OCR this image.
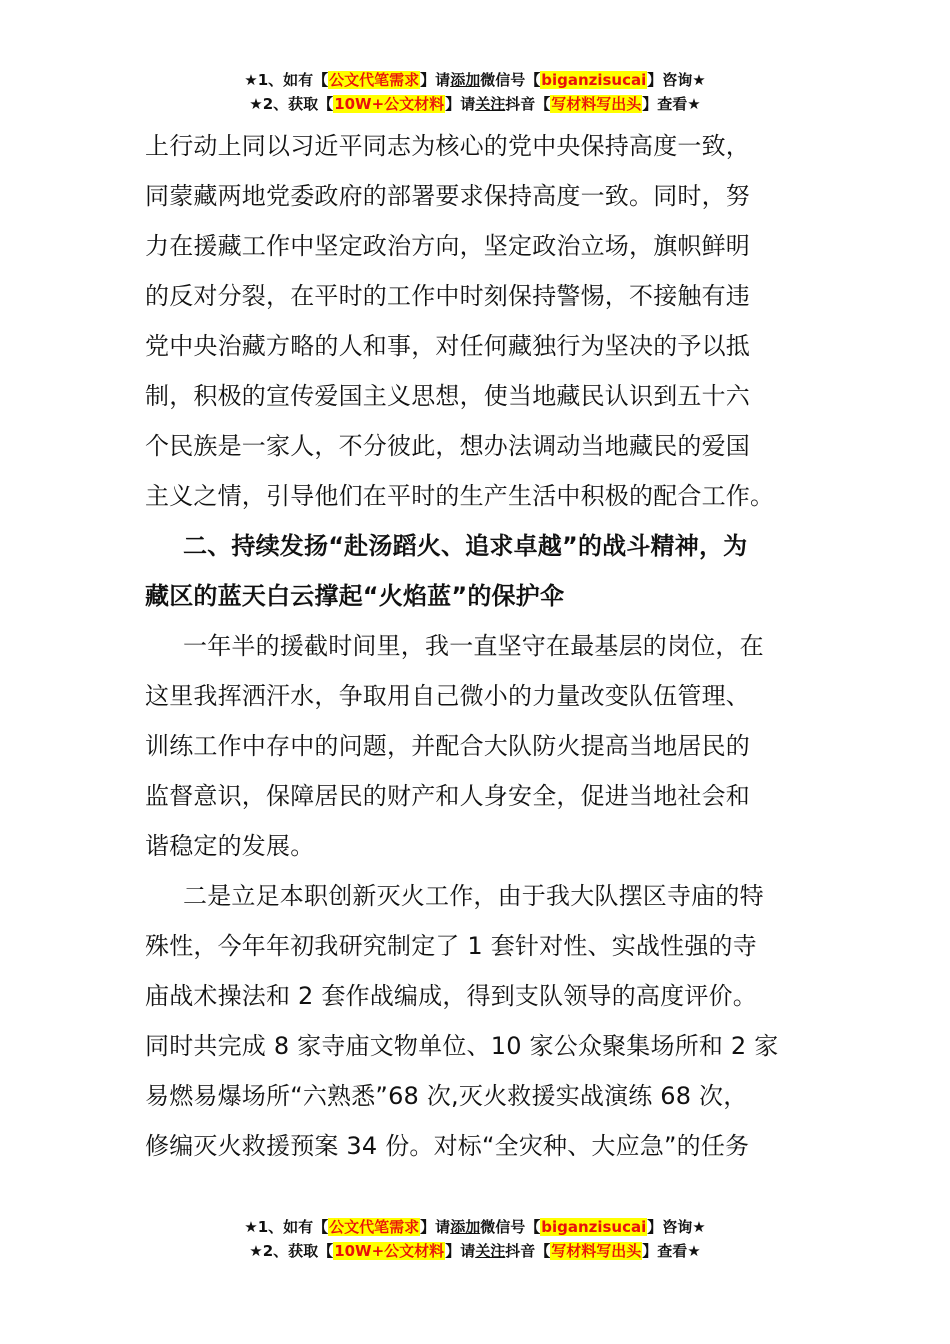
★1、如有【公文代笔需求】请添加微信号【biganzisucai】咨询★
★2、获取【10W+公文材料】请关注抖音【写材料写出头】查看★

上行动上同以习近平同志为核心的党中央保持高度一致，
同蒙藏两地党委政府的部署要求保持高度一致。同时，努
力在援藏工作中坚定政治方向，坚定政治立场，旗帜鲜明
的反对分裂，在平时的工作中时刻保持警惕，不接触有违
党中央治藏方略的人和事，对任何藏独行为坚决的予以抵
制，积极的宣传爱国主义思想，使当地藏民认识到五十六
个民族是一家人，不分彼此，想办法调动当地藏民的爱国
主义之情，引导他们在平时的生产生活中积极的配合工作。

二、持续发扬“赴汤蹈火、追求卓越”的战斗精神，为
藏区的蓝天白云撑起“火焰蓝”的保护伞

一年半的援截时间里，我一直坚守在最基层的岗位，在
这里我挥洒汗水，争取用自己微小的力量改变队伍管理、
训练工作中存中的问题，并配合大队防火提高当地居民的
监督意识，保障居民的财产和人身安全，促进当地社会和
谐稳定的发展。

二是立足本职创新灭火工作，由于我大队摆区寺庙的特
殊性，今年年初我研究制定了 1 套针对性、实战性强的寺
庙战术操法和 2 套作战编成，得到支队领导的高度评价。
同时共完成 8 家寺庙文物单位、10 家公众聚集场所和 2 家
易燃易爆场所“六熟悉”68 次,灭火救援实战演练 68 次，
修编灭火救援预案 34 份。对标“全灾种、大应急”的任务

★1、如有【公文代笔需求】请添加微信号【biganzisucai】咨询★
★2、获取【10W+公文材料】请关注抖音【写材料写出头】查看★
